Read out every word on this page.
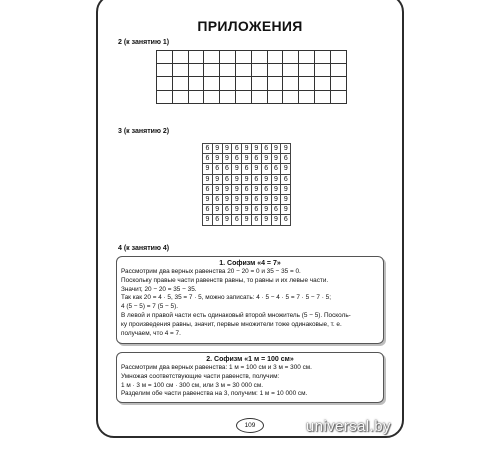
ПРИЛОЖЕНИЯ
2 (к занятию 1)

3 (к занятию 2)
6	9	9	6	9	9	6	9	9
6	9	9	6	9	6	9	9	6
9	6	6	9	6	9	6	6	9
9	9	6	9	9	6	9	9	6
6	9	9	9	6	9	6	9	9
9	6	9	9	9	6	9	9	9
6	9	6	9	9	6	9	6	9
9	6	9	6	9	6	9	9	6
4 (к занятию 4)
1. Софизм «4 = 7»
Рассмотрим два верных равенства 20 − 20 = 0 и 35 − 35 = 0.
Поскольку правые части равенств равны, то равны и их левые части.
Значит, 20 − 20 = 35 − 35.
Так как 20 = 4 · 5, 35 = 7 · 5, можно записать: 4 · 5 − 4 · 5 = 7 · 5 − 7 · 5;
4 (5 − 5) = 7 (5 − 5).
В левой и правой части есть одинаковый второй множитель (5 − 5). Посколь-
ку произведения равны, значит, первые множители тоже одинаковые, т. е.
получаем, что 4 = 7.
2. Софизм «1 м = 100 см»
Рассмотрим два верных равенства: 1 м = 100 см и 3 м = 300 см.
Умножая соответствующие части равенств, получим:
1 м · 3 м = 100 см · 300 см, или 3 м = 30 000 см.
Разделим обе части равенства на 3, получим: 1 м = 10 000 см.
109	universal.by
